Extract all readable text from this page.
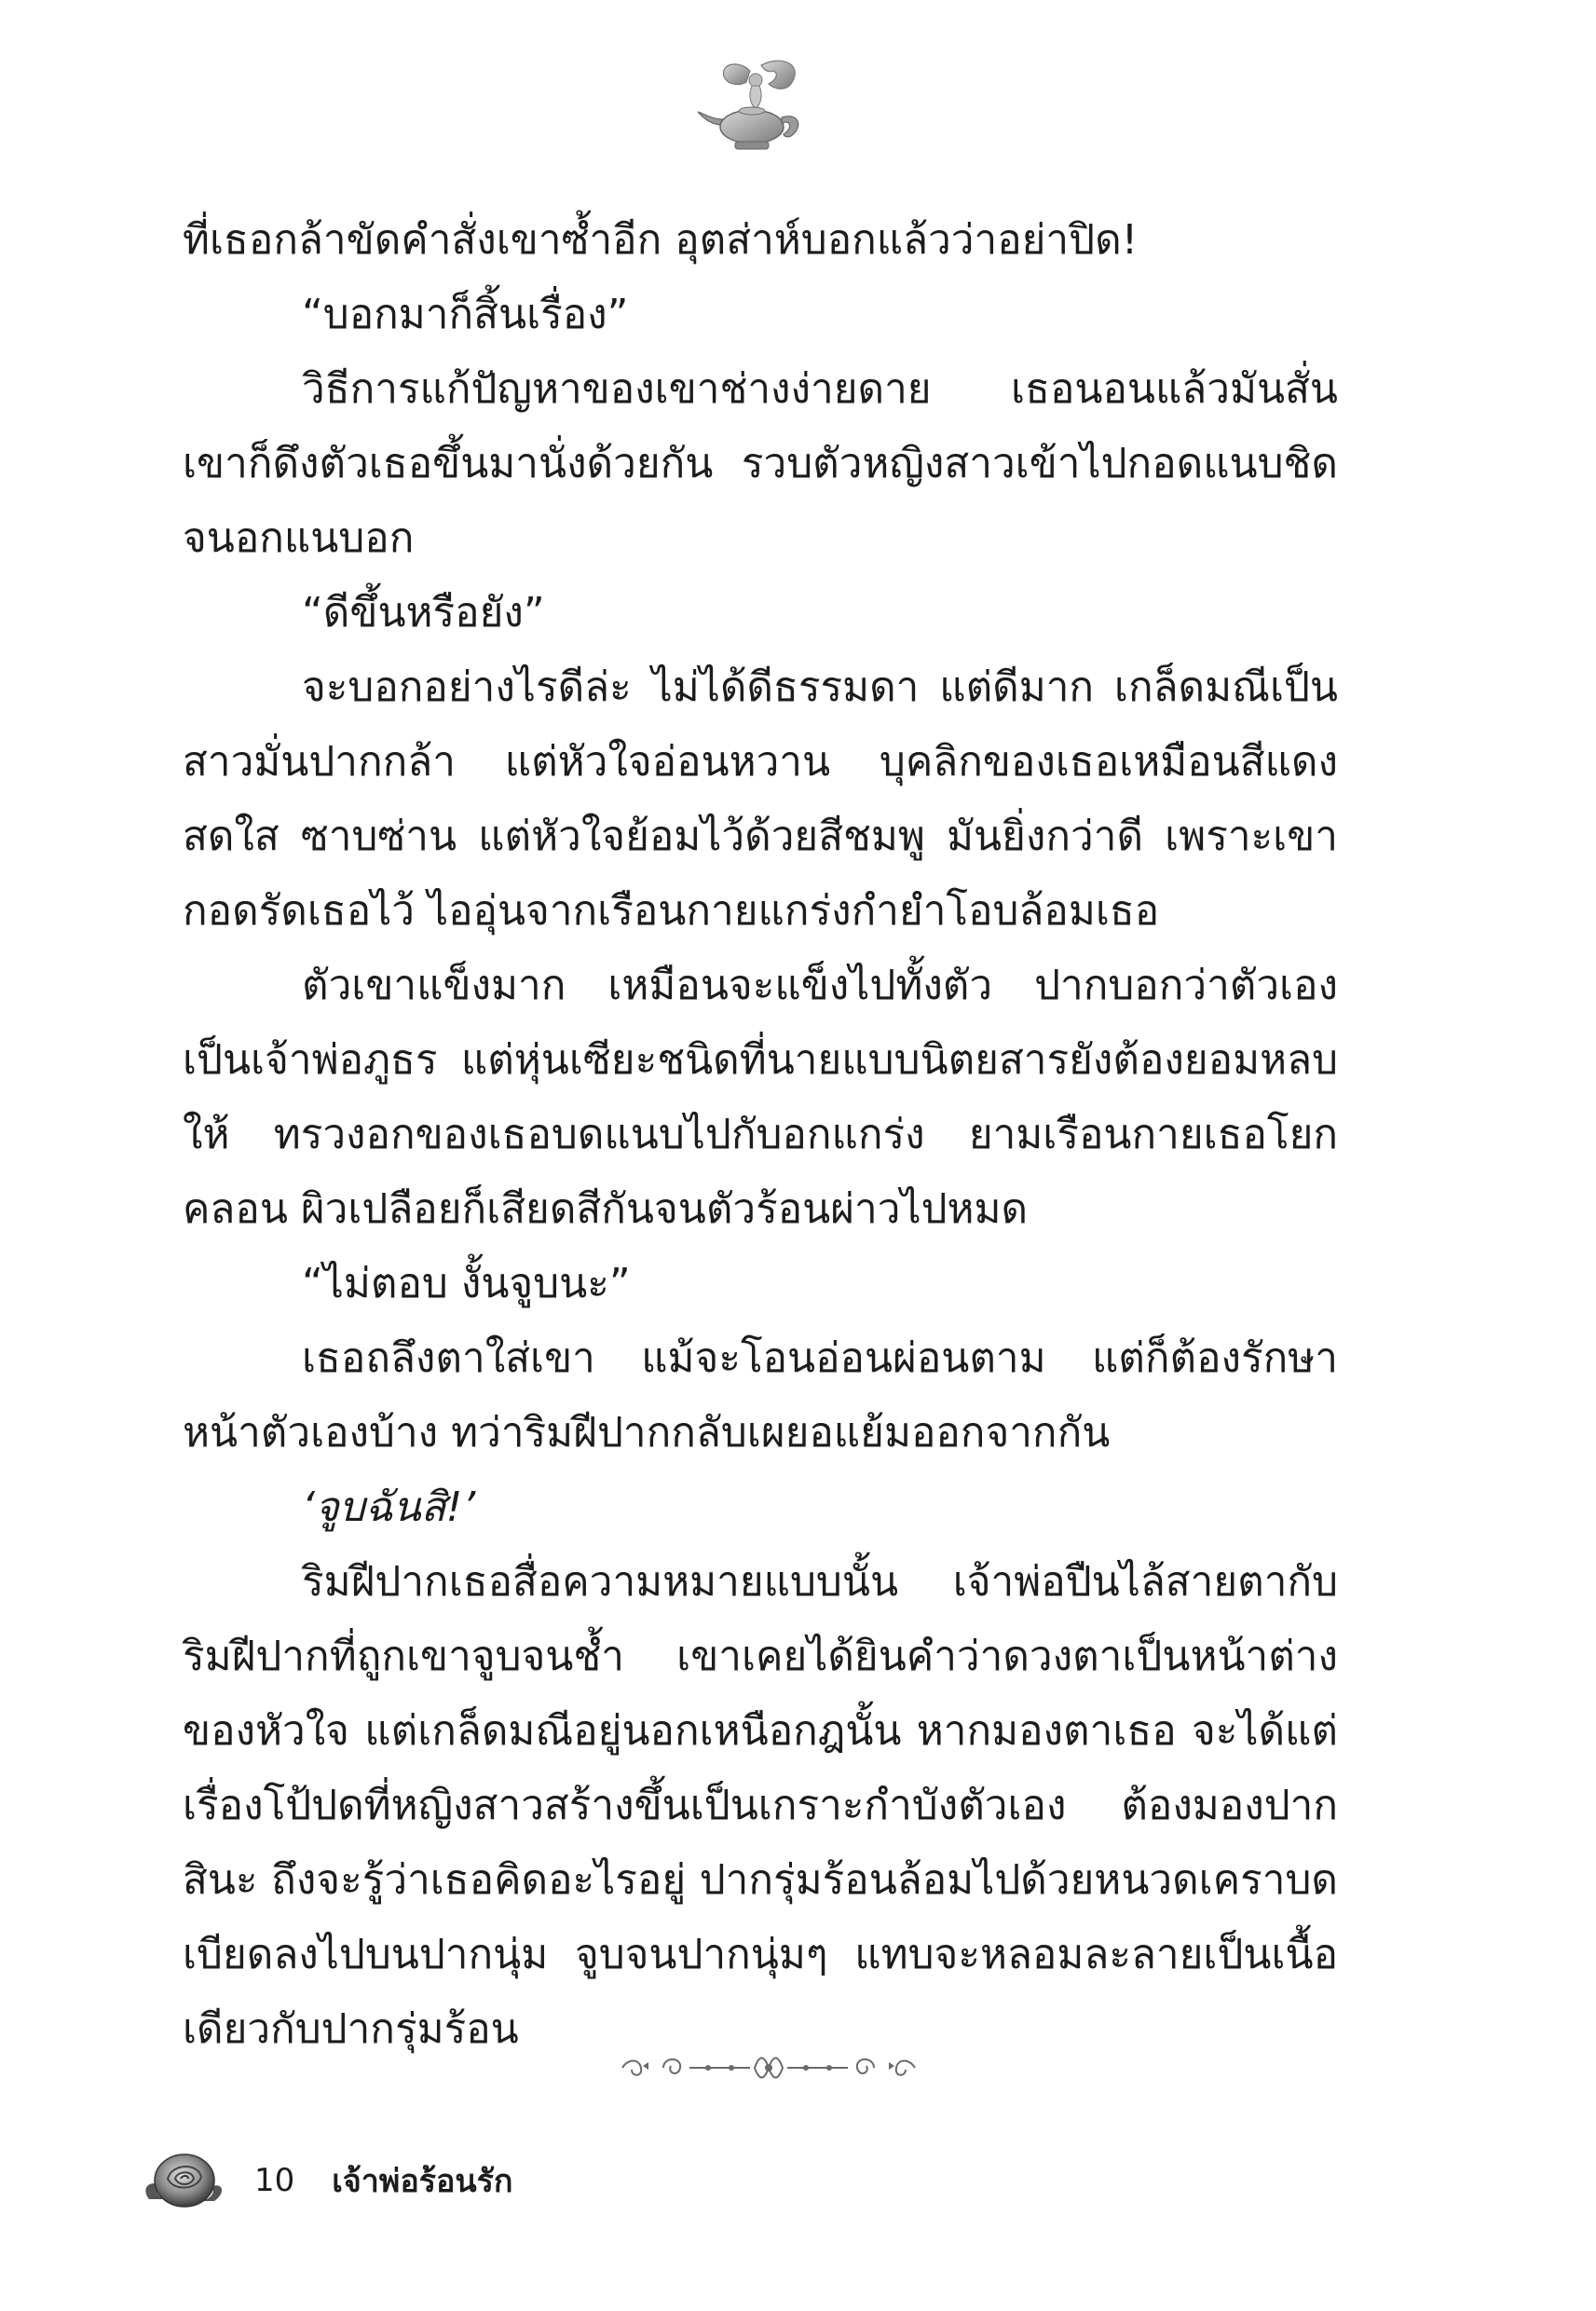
ที่เธอกล้าขัดคำสั่งเขาซ้ำอีก อุตส่าห์บอกแล้วว่าอย่าปิด!

“บอกมาก็สิ้นเรื่อง”

วิธีการแก้ปัญหาของเขาช่างง่ายดาย เธอนอนแล้วมันสั่น เขาก็ดึงตัวเธอขึ้นมานั่งด้วยกัน รวบตัวหญิงสาวเข้าไปกอดแนบชิดจนอกแนบอก

“ดีขึ้นหรือยัง”

จะบอกอย่างไรดีล่ะ ไม่ได้ดีธรรมดา แต่ดีมาก เกล็ดมณีเป็นสาวมั่นปากกล้า แต่หัวใจอ่อนหวาน บุคลิกของเธอเหมือนสีแดงสดใส ซาบซ่าน แต่หัวใจย้อมไว้ด้วยสีชมพู มันยิ่งกว่าดี เพราะเขากอดรัดเธอไว้ ไออุ่นจากเรือนกายแกร่งกำยำโอบล้อมเธอ

ตัวเขาแข็งมาก เหมือนจะแข็งไปทั้งตัว ปากบอกว่าตัวเองเป็นเจ้าพ่อภูธร แต่หุ่นเซียะชนิดที่นายแบบนิตยสารยังต้องยอมหลบให้ ทรวงอกของเธอบดแนบไปกับอกแกร่ง ยามเรือนกายเธอโยกคลอน ผิวเปลือยก็เสียดสีกันจนตัวร้อนผ่าวไปหมด

“ไม่ตอบ งั้นจูบนะ”

เธอถลึงตาใส่เขา แม้จะโอนอ่อนผ่อนตาม แต่ก็ต้องรักษาหน้าตัวเองบ้าง ทว่าริมฝีปากกลับเผยอแย้มออกจากกัน

‘จูบฉันสิ!’

ริมฝีปากเธอสื่อความหมายแบบนั้น เจ้าพ่อปืนไล้สายตากับริมฝีปากที่ถูกเขาจูบจนช้ำ เขาเคยได้ยินคำว่าดวงตาเป็นหน้าต่างของหัวใจ แต่เกล็ดมณีอยู่นอกเหนือกฎนั้น หากมองตาเธอ จะได้แต่เรื่องโป้ปดที่หญิงสาวสร้างขึ้นเป็นเกราะกำบังตัวเอง ต้องมองปากสินะ ถึงจะรู้ว่าเธอคิดอะไรอยู่ ปากรุ่มร้อนล้อมไปด้วยหนวดเคราบดเบียดลงไปบนปากนุ่ม จูบจนปากนุ่มๆ แทบจะหลอมละลายเป็นเนื้อเดียวกับปากรุ่มร้อน

10 เจ้าพ่อร้อนรัก
